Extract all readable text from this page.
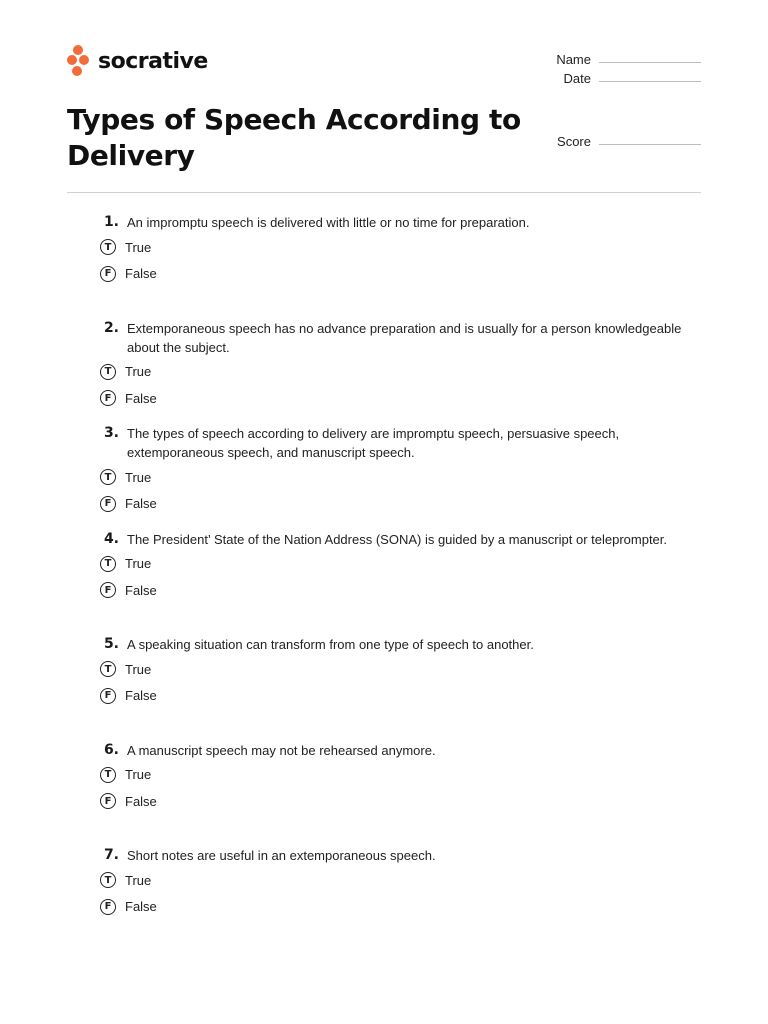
socrative	Name
Date
Score
Types of Speech According to Delivery
1. An impromptu speech is delivered with little or no time for preparation.
T	True
F	False
2. Extemporaneous speech has no advance preparation and is usually for a person knowledgeable about the subject.
T	True
F	False
3. The types of speech according to delivery are impromptu speech, persuasive speech, extemporaneous speech, and manuscript speech.
T	True
F	False
4. The President’ State of the Nation Address (SONA) is guided by a manuscript or teleprompter.
T	True
F	False
5. A speaking situation can transform from one type of speech to another.
T	True
F	False
6. A manuscript speech may not be rehearsed anymore.
T	True
F	False
7. Short notes are useful in an extemporaneous speech.
T	True
F	False
